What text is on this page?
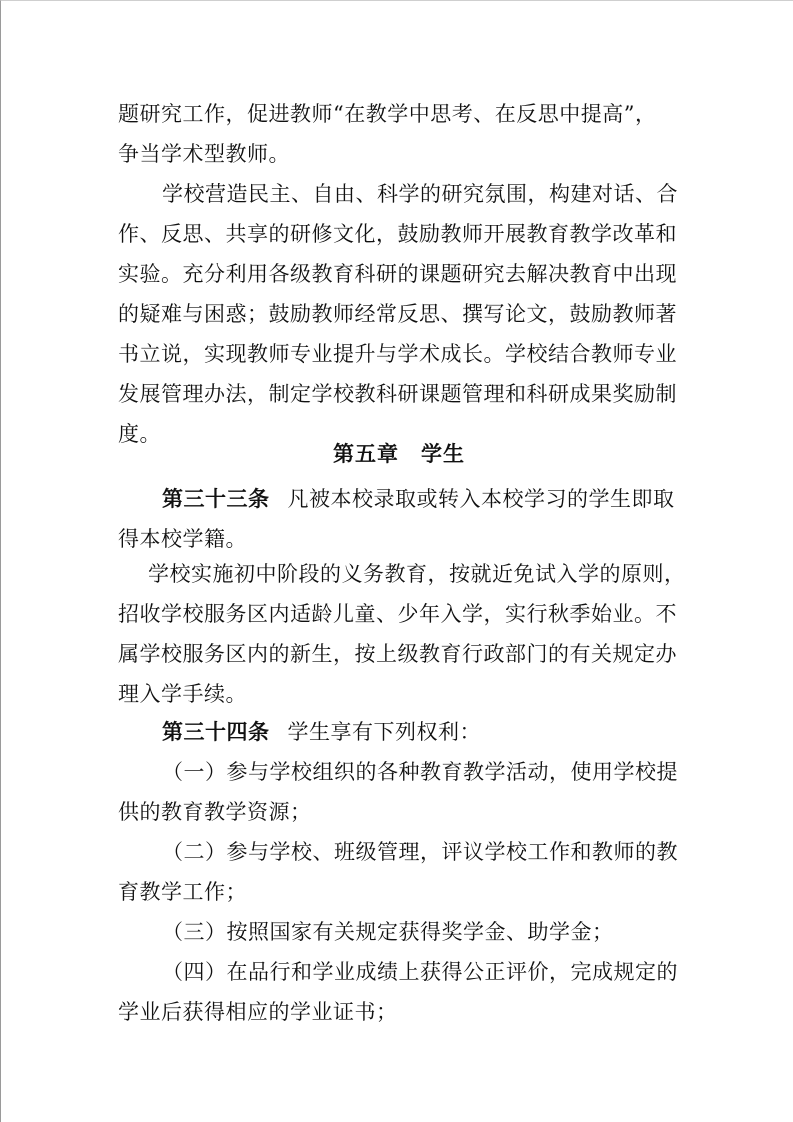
题研究工作，促进教师“在教学中思考、在反思中提高”，
争当学术型教师。
学校营造民主、自由、科学的研究氛围，构建对话、合
作、反思、共享的研修文化，鼓励教师开展教育教学改革和
实验。充分利用各级教育科研的课题研究去解决教育中出现
的疑难与困惑；鼓励教师经常反思、撰写论文，鼓励教师著
书立说，实现教师专业提升与学术成长。学校结合教师专业
发展管理办法，制定学校教科研课题管理和科研成果奖励制
度。
第五章　学生
第三十三条 凡被本校录取或转入本校学习的学生即取
得本校学籍。
学校实施初中阶段的义务教育，按就近免试入学的原则，
招收学校服务区内适龄儿童、少年入学，实行秋季始业。不
属学校服务区内的新生，按上级教育行政部门的有关规定办
理入学手续。
第三十四条 学生享有下列权利：
（一）参与学校组织的各种教育教学活动，使用学校提
供的教育教学资源；
（二）参与学校、班级管理，评议学校工作和教师的教
育教学工作；
（三）按照国家有关规定获得奖学金、助学金；
（四）在品行和学业成绩上获得公正评价，完成规定的
学业后获得相应的学业证书；
